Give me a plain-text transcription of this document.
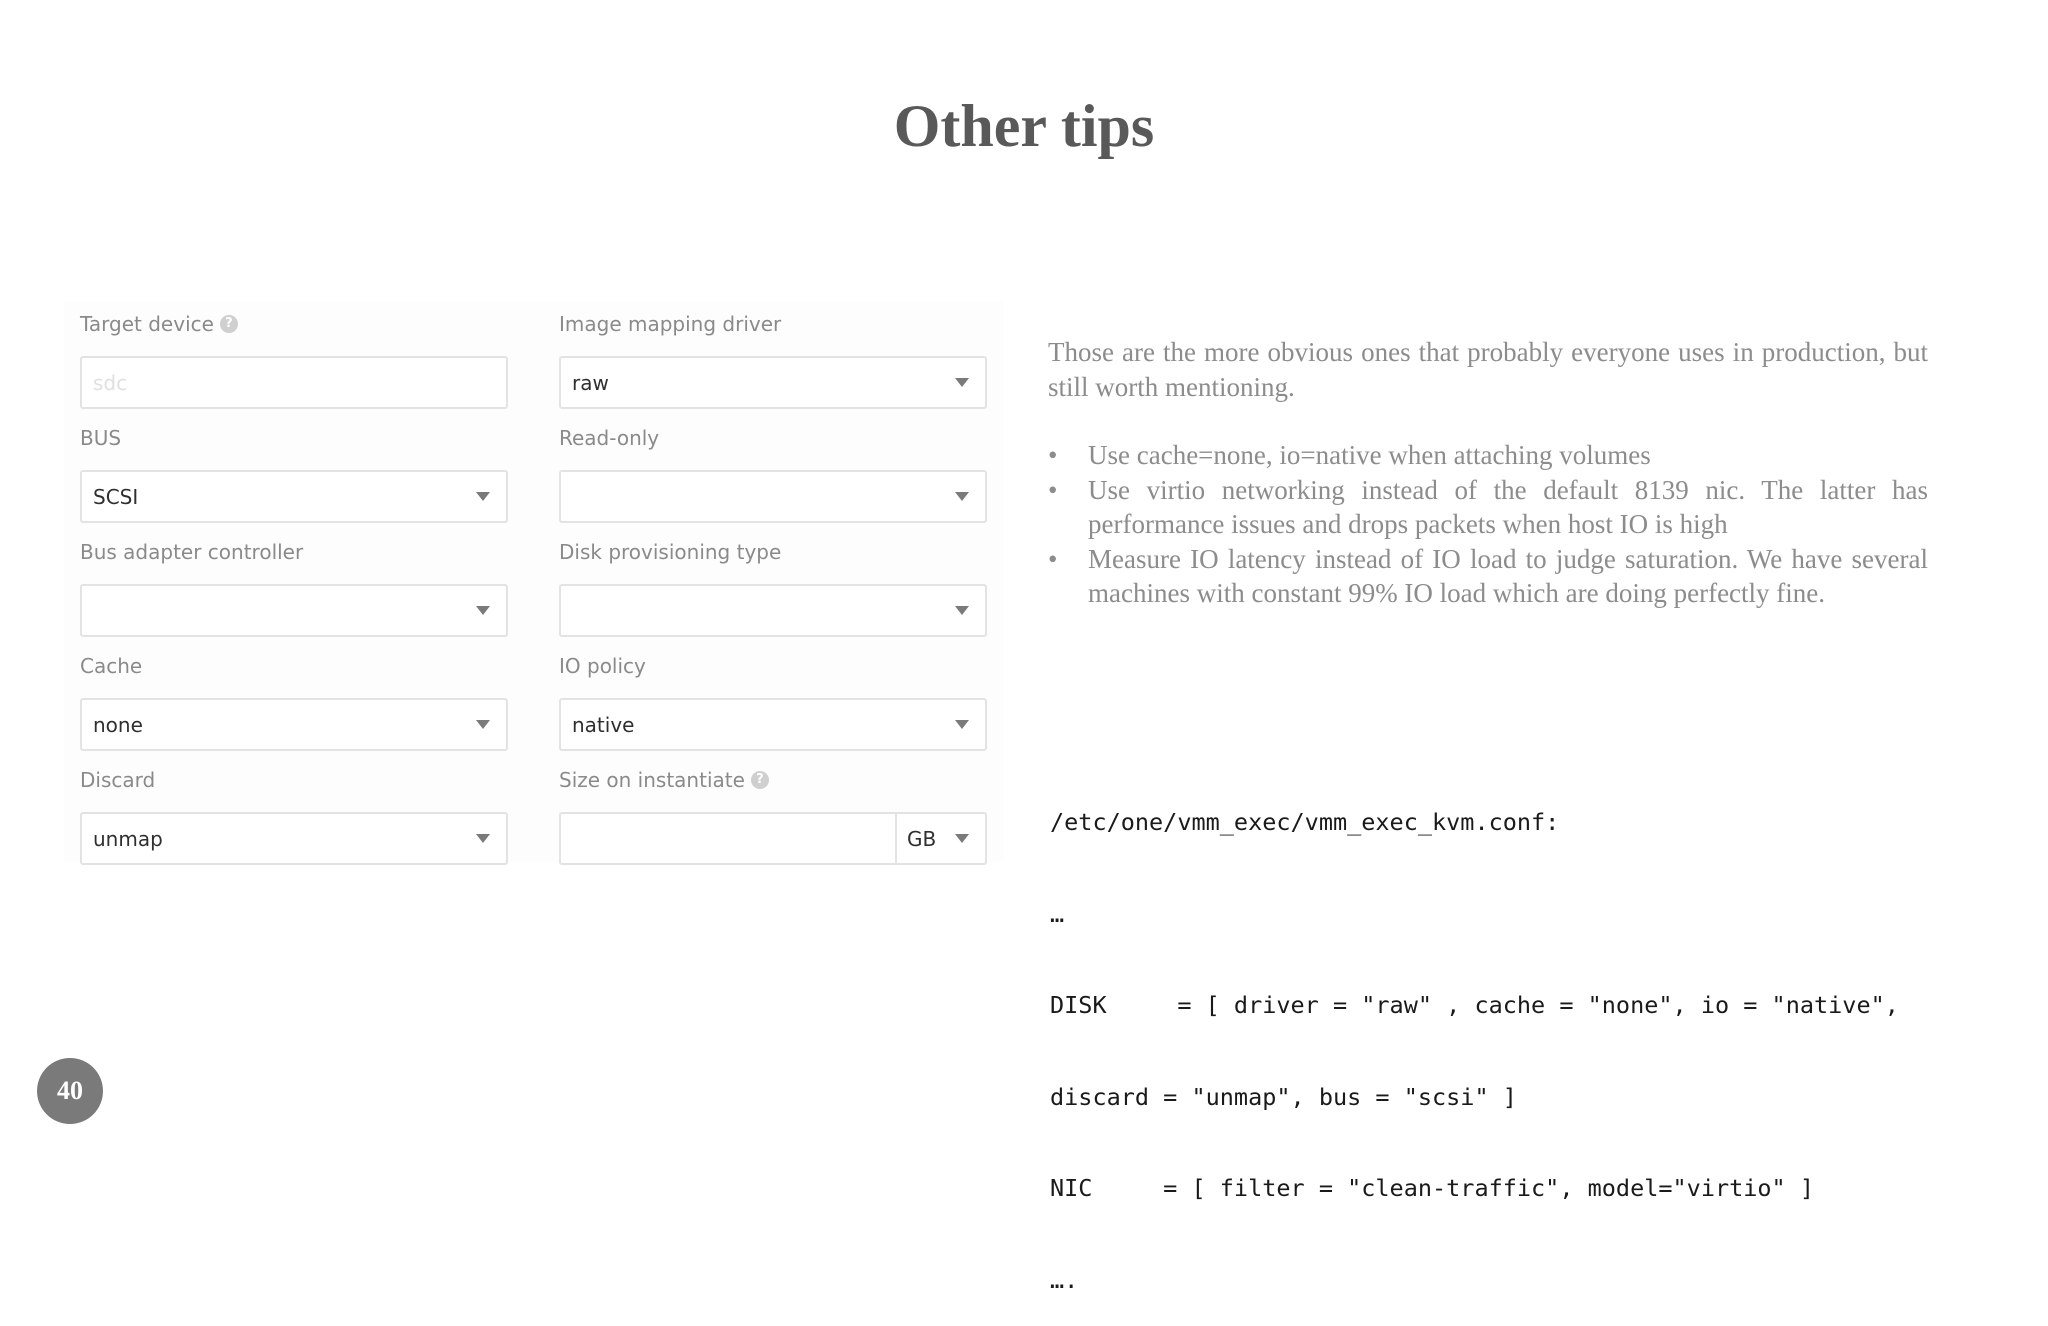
Other tips
Target device ?
sdc
Image mapping driver
raw
BUS
SCSI
Read-only
Bus adapter controller	Disk provisioning type
Cache
none
IO policy
native
Discard
unmap
Size on instantiate ?
GB

Those are the more obvious ones that probably everyone uses in production, but still worth mentioning.

• Use cache=none, io=native when attaching volumes
• Use virtio networking instead of the default 8139 nic. The latter has performance issues and drops packets when host IO is high
• Measure IO latency instead of IO load to judge saturation. We have several machines with constant 99% IO load which are doing perfectly fine.

/etc/one/vmm_exec/vmm_exec_kvm.conf:

…

DISK     = [ driver = "raw" , cache = "none", io = "native",

discard = "unmap", bus = "scsi" ]

NIC     = [ filter = "clean-traffic", model="virtio" ]

….

40
